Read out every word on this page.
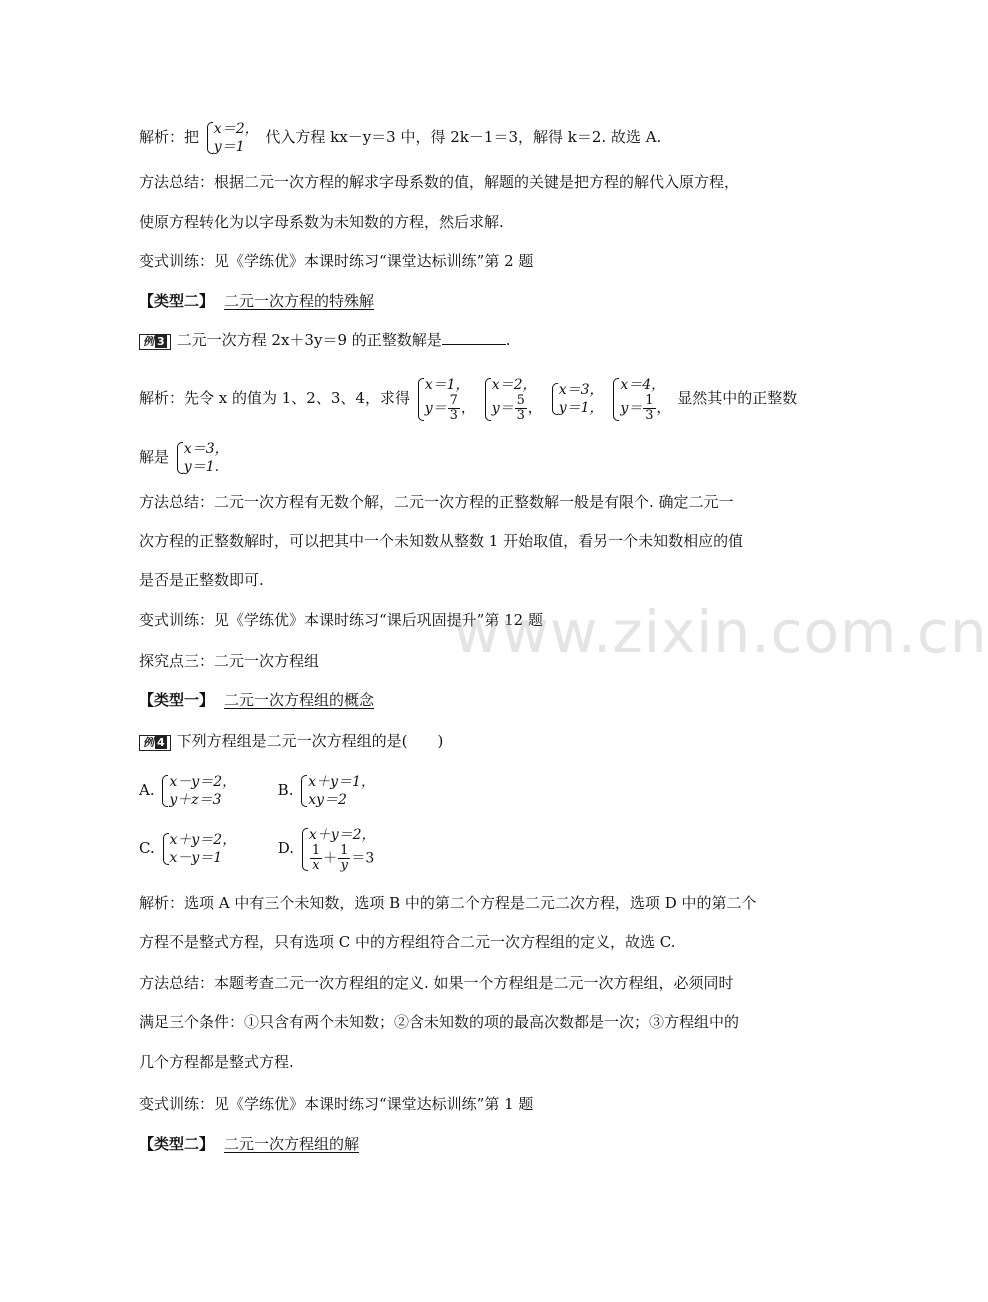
解析：把 x＝2，
y＝1
代入方程 kx－y＝3 中，得 2k－1＝3，解得 k＝2. 故选 A.
方法总结：根据二元一次方程的解求字母系数的值，解题的关键是把方程的解代入原方程，
使原方程转化为以字母系数为未知数的方程，然后求解.
变式训练：见《学练优》本课时练习“课堂达标训练”第 2 题
【类型二】 二元一次方程的特殊解
例 3 二元一次方程 2x＋3y＝9 的正整数解是	.
解析：先令 x 的值为 1、2、3、4，求得
x＝1，
$y= \frac{7}{3}$ ，

x＝2，
$y= \frac{5}{3}$ ，

x＝3，
y＝1，

x＝4，
$y= \frac{1}{3}$ ，
显然其中的正整数
解是 x＝3，
y＝1.
方法总结：二元一次方程有无数个解，二元一次方程的正整数解一般是有限个. 确定二元一
次方程的正整数解时，可以把其中一个未知数从整数 1 开始取值，看另一个未知数相应的值
是否是正整数即可.
变式训练：见《学练优》本课时练习“课后巩固提升”第 12 题
探究点三：二元一次方程组
【类型一】 二元一次方程组的概念
例 4 下列方程组是二元一次方程组的是(　　)
A. x－y＝2，
y＋z＝3
B. x＋y＝1，
xy＝2
C. x＋y＝2，
x－y＝1
D.
x＋y＝2，
$\frac{1}{x} + \frac{1}{y} =3$
解析：选项 A 中有三个未知数，选项 B 中的第二个方程是二元二次方程，选项 D 中的第二个
方程不是整式方程，只有选项 C 中的方程组符合二元一次方程组的定义，故选 C.
方法总结：本题考查二元一次方程组的定义. 如果一个方程组是二元一次方程组，必须同时
满足三个条件：①只含有两个未知数；②含未知数的项的最高次数都是一次；③方程组中的
几个方程都是整式方程.
变式训练：见《学练优》本课时练习“课堂达标训练”第 1 题
【类型二】 二元一次方程组的解
www.zixin.com.cn
